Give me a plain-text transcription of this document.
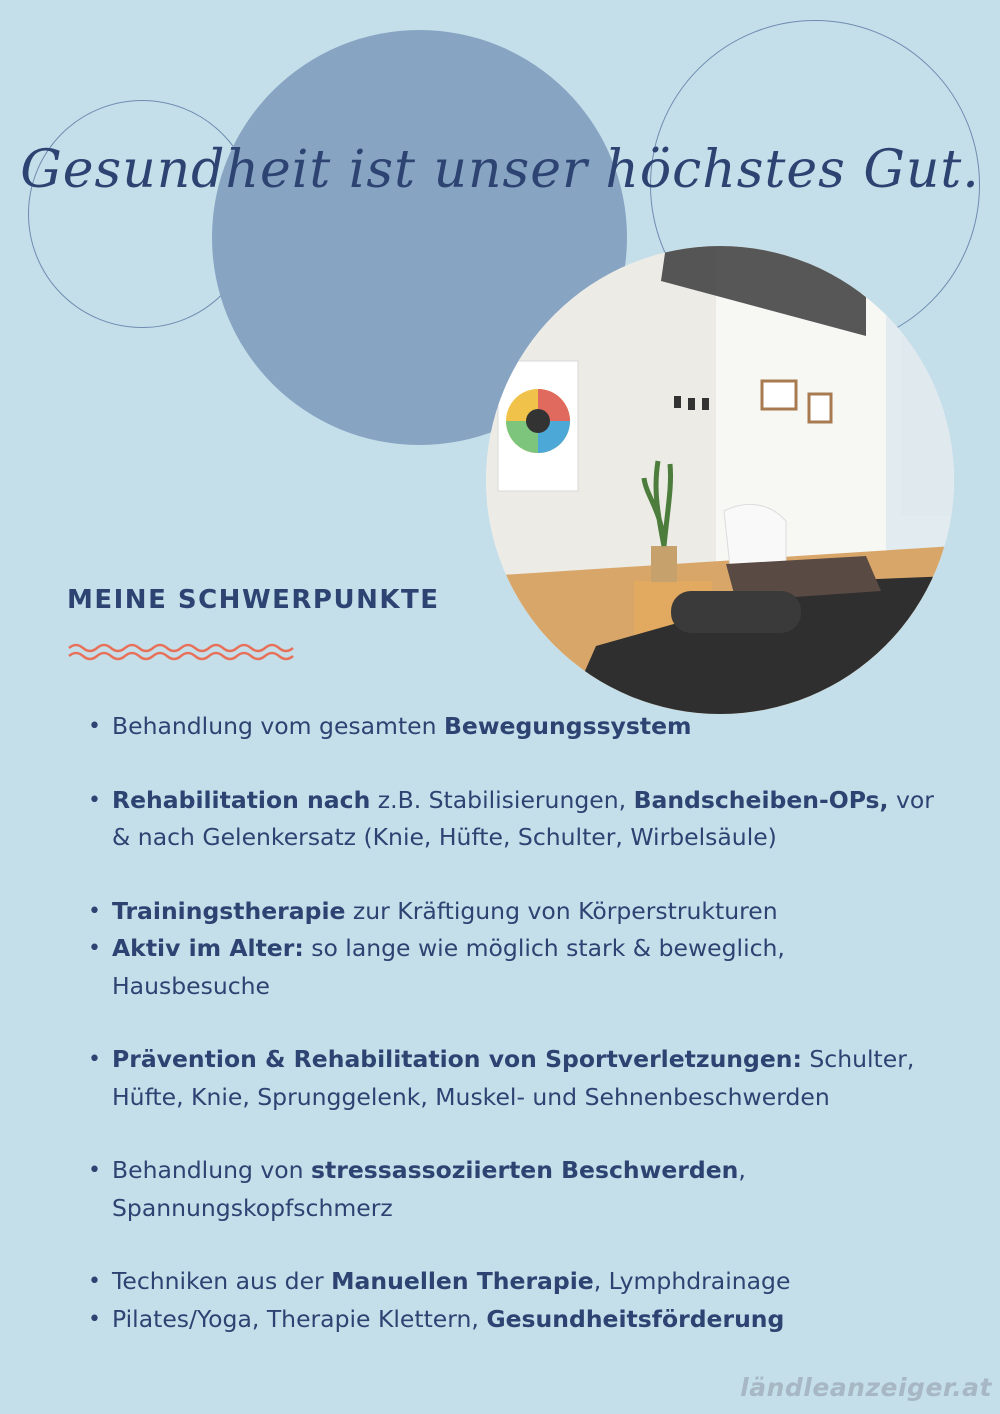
Gesundheit ist unser höchstes Gut.
MEINE SCHWERPUNKTE
• Behandlung vom gesamten Bewegungssystem
• Rehabilitation nach z.B. Stabilisierungen, Bandscheiben-OPs, vor & nach Gelenkersatz (Knie, Hüfte, Schulter, Wirbelsäule)
• Trainingstherapie zur Kräftigung von Körperstrukturen
• Aktiv im Alter: so lange wie möglich stark & beweglich, Hausbesuche
• Prävention & Rehabilitation von Sportverletzungen: Schulter, Hüfte, Knie, Sprunggelenk, Muskel- und Sehnenbeschwerden
• Behandlung von stressassoziierten Beschwerden, Spannungskopfschmerz
• Techniken aus der Manuellen Therapie, Lymphdrainage
• Pilates/Yoga, Therapie Klettern, Gesundheitsförderung
ländleanzeiger.at
